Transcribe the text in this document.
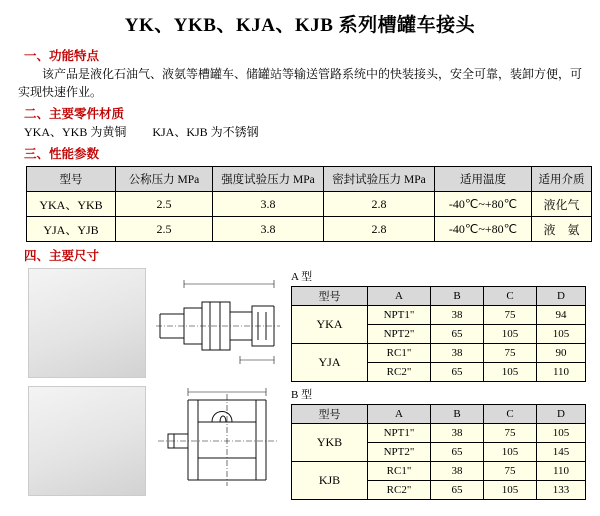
YK、YKB、KJA、KJB 系列槽罐车接头
一、功能特点
该产品是液化石油气、液氨等槽罐车、储罐站等输送管路系统中的快装接头，安全可靠，装卸方便，可实现快速作业。
二、主要零件材质
YKA、YKB 为黄铜 KJA、KJB 为不锈钢
三、性能参数
型号	公称压力 MPa	强度试验压力 MPa	密封试验压力 MPa	适用温度	适用介质
YKA、YKB	2.5	3.8	2.8	-40℃~+80℃	液化气
YJA、YJB	2.5	3.8	2.8	-40℃~+80℃	液　氨
四、主要尺寸
A 型
型号	A	B	C	D
YKA	NPT1"	38	75	94
	NPT2"	65	105	105
YJA	RC1"	38	75	90
	RC2"	65	105	110
B 型
型号	A	B	C	D
YKB	NPT1"	38	75	105
	NPT2"	65	105	145
KJB	RC1"	38	75	110
	RC2"	65	105	133
